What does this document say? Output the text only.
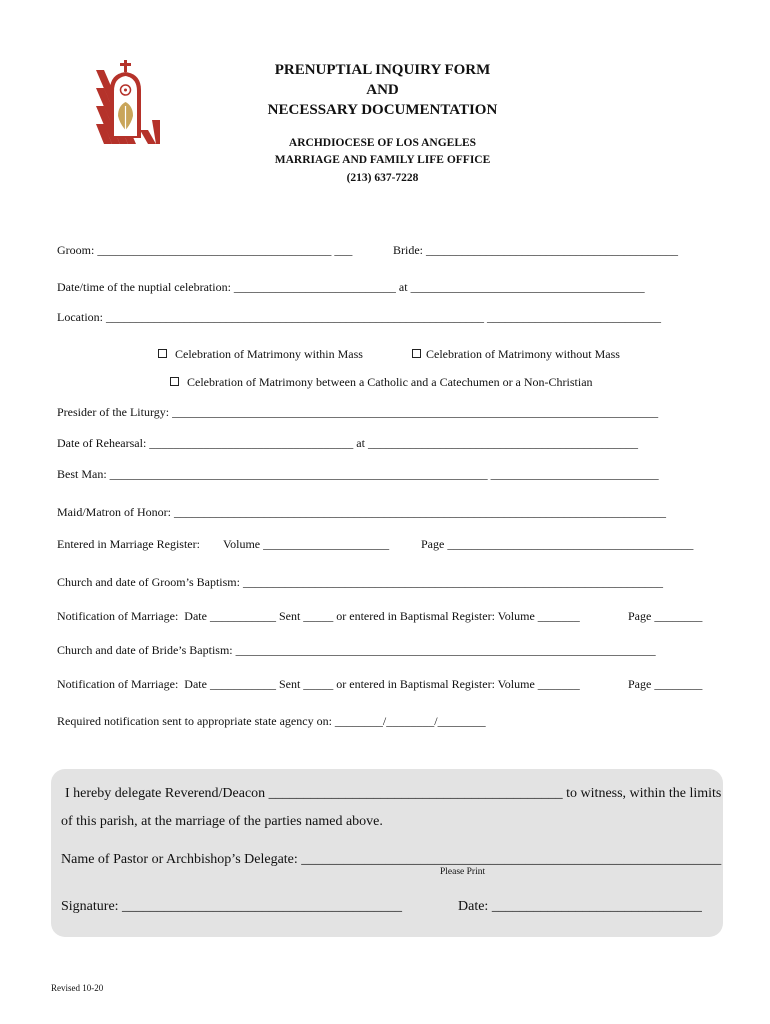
PRENUPTIAL INQUIRY FORM
AND
NECESSARY DOCUMENTATION
ARCHDIOCESE OF LOS ANGELES
MARRIAGE AND FAMILY LIFE OFFICE
(213) 637-7228
Groom: _______________________________________ ___	Bride: __________________________________________
Date/time of the nuptial celebration: ___________________________ at _______________________________________
Location: _______________________________________________________________ _____________________________
Celebration of Matrimony within Mass	Celebration of Matrimony without Mass
Celebration of Matrimony between a Catholic and a Catechumen or a Non-Christian
Presider of the Liturgy: _________________________________________________________________________________
Date of Rehearsal: __________________________________ at _____________________________________________
Best Man: _______________________________________________________________ ____________________________
Maid/Matron of Honor: __________________________________________________________________________________
Entered in Marriage Register: Volume _____________________	Page _________________________________________
Church and date of Groom’s Baptism: ______________________________________________________________________
Notification of Marriage:  Date ___________ Sent _____ or entered in Baptismal Register: Volume _______	Page ________
Church and date of Bride’s Baptism: ______________________________________________________________________
Notification of Marriage:  Date ___________ Sent _____ or entered in Baptismal Register: Volume _______	Page ________
Required notification sent to appropriate state agency on: ________/________/________
I hereby delegate Reverend/Deacon __________________________________________ to witness, within the limits
of this parish, at the marriage of the parties named above.
Name of Pastor or Archbishop’s Delegate: ____________________________________________________________
Please Print
Signature: ________________________________________	Date: ______________________________
Revised 10-20
